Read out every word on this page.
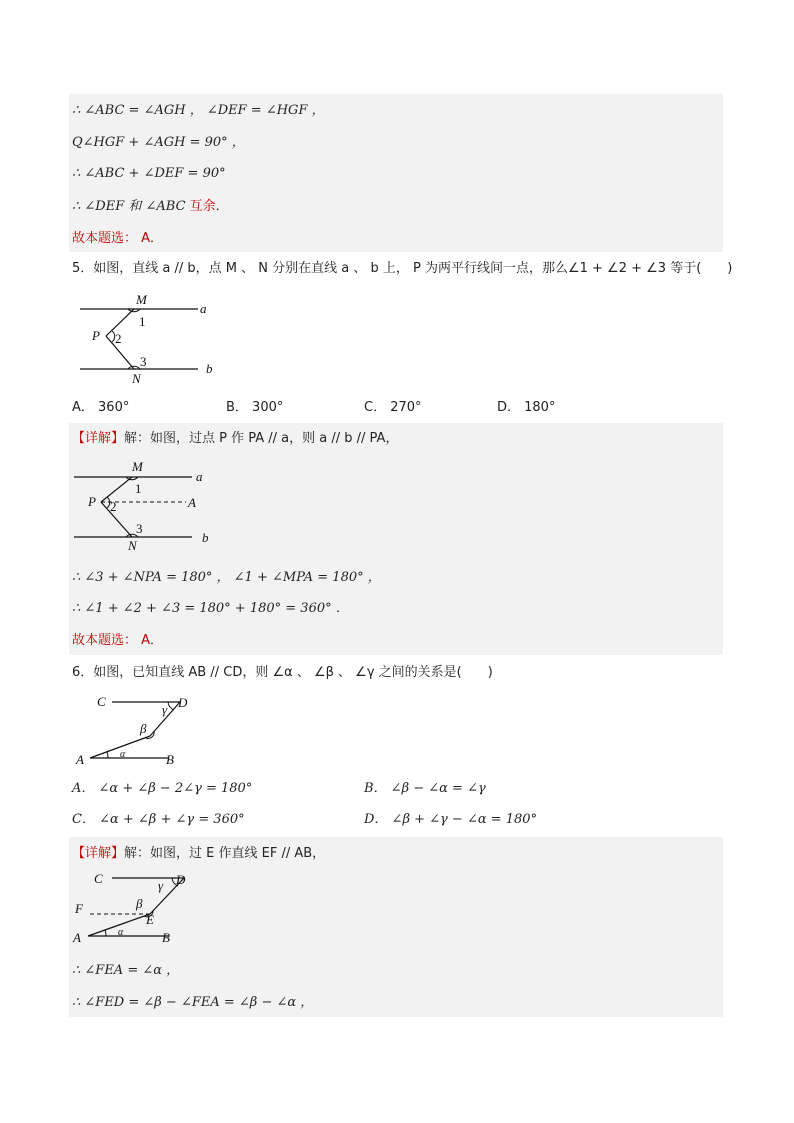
∴ ∠ABC = ∠AGH ， ∠DEF = ∠HGF ，
Q∠HGF + ∠AGH = 90° ，
∴ ∠ABC + ∠DEF = 90°
∴ ∠DEF 和 ∠ABC 互余．
故本题选： A．
5．如图，直线 a // b，点 M 、 N 分别在直线 a 、 b 上， P 为两平行线间一点，那么∠1 + ∠2 + ∠3 等于(　　)
M
a
1
P 2
3
N
b
A． 360°	B． 300°	C． 270°	D． 180°
【详解】解：如图，过点 P 作 PA // a，则 a // b // PA，
M
a
1
P 2	A
3
N
b
∴ ∠3 + ∠NPA = 180° ， ∠1 + ∠MPA = 180° ，
∴ ∠1 + ∠2 + ∠3 = 180° + 180° = 360° ．
故本题选： A．
6．如图，已知直线 AB // CD，则 ∠α 、 ∠β 、 ∠γ 之间的关系是(　　)
C	D
γ
β
α
A	B
A． ∠α + ∠β − 2∠γ = 180°	B． ∠β − ∠α = ∠γ
C． ∠α + ∠β + ∠γ = 360°	D． ∠β + ∠γ − ∠α = 180°
【详解】解：如图，过 E 作直线 EF // AB，
C	D
γ
β
F
E
α
A	B
∴ ∠FEA = ∠α ，
∴ ∠FED = ∠β − ∠FEA = ∠β − ∠α ，
